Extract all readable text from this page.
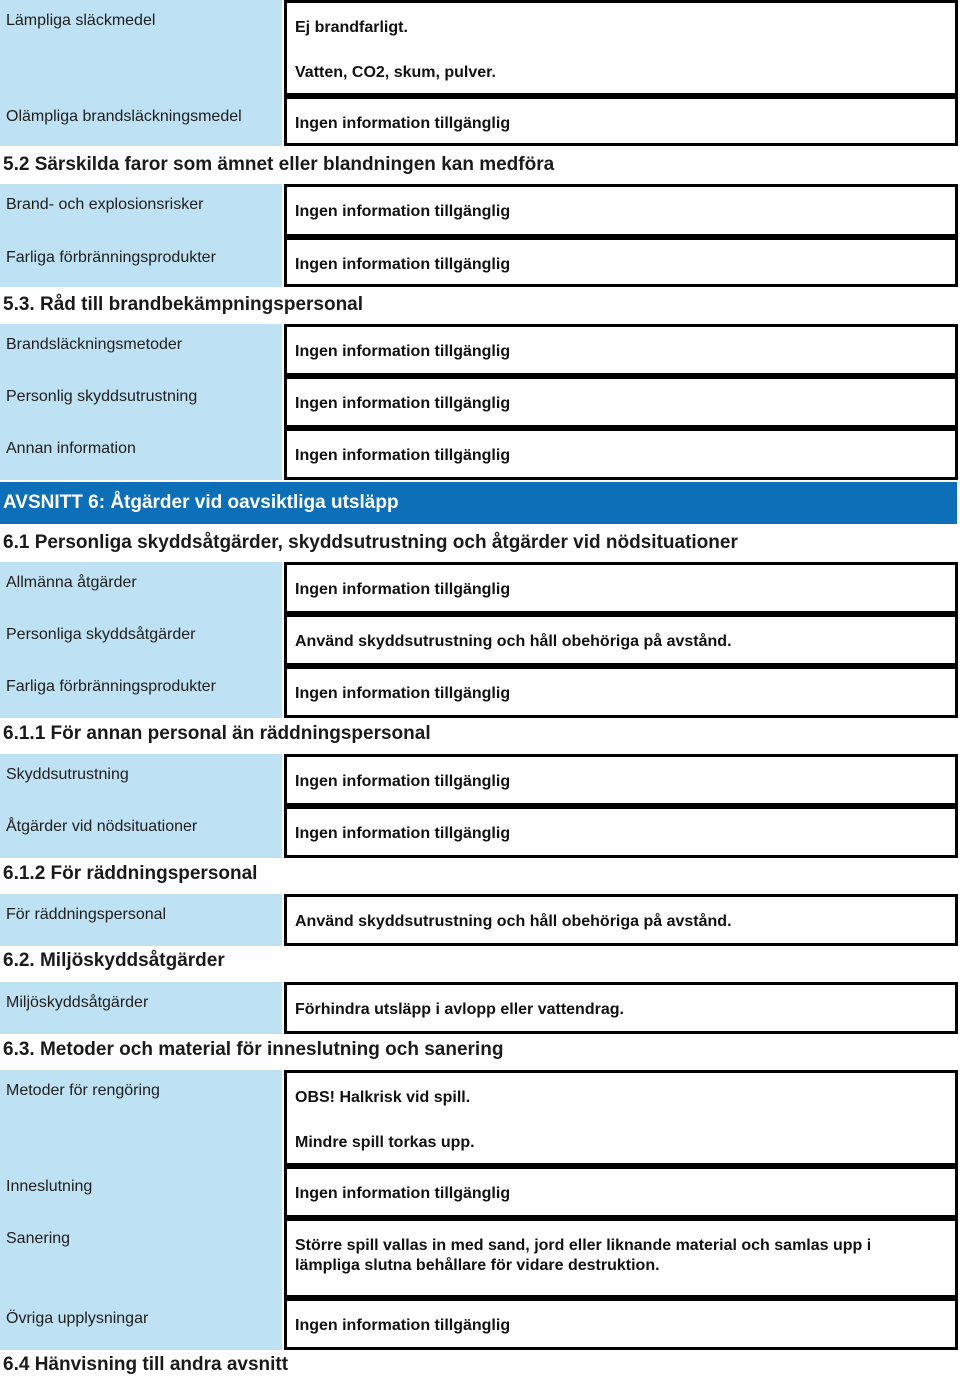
Lämpliga släckmedel	Ej brandfarligt.
Vatten, CO2, skum, pulver.
Olämpliga brandsläckningsmedel	Ingen information tillgänglig
5.2 Särskilda faror som ämnet eller blandningen kan medföra
Brand- och explosionsrisker	Ingen information tillgänglig
Farliga förbränningsprodukter	Ingen information tillgänglig
5.3. Råd till brandbekämpningspersonal
Brandsläckningsmetoder	Ingen information tillgänglig
Personlig skyddsutrustning	Ingen information tillgänglig
Annan information	Ingen information tillgänglig
AVSNITT 6: Åtgärder vid oavsiktliga utsläpp
6.1 Personliga skyddsåtgärder, skyddsutrustning och åtgärder vid nödsituationer
Allmänna åtgärder	Ingen information tillgänglig
Personliga skyddsåtgärder	Använd skyddsutrustning och håll obehöriga på avstånd.
Farliga förbränningsprodukter	Ingen information tillgänglig
6.1.1 För annan personal än räddningspersonal
Skyddsutrustning	Ingen information tillgänglig
Åtgärder vid nödsituationer	Ingen information tillgänglig
6.1.2 För räddningspersonal
För räddningspersonal	Använd skyddsutrustning och håll obehöriga på avstånd.
6.2. Miljöskyddsåtgärder
Miljöskyddsåtgärder	Förhindra utsläpp i avlopp eller vattendrag.
6.3. Metoder och material för inneslutning och sanering
Metoder för rengöring	OBS! Halkrisk vid spill.
Mindre spill torkas upp.
Inneslutning	Ingen information tillgänglig
Sanering	Större spill vallas in med sand, jord eller liknande material och samlas upp i lämpliga slutna behållare för vidare destruktion.
Övriga upplysningar	Ingen information tillgänglig
6.4 Hänvisning till andra avsnitt
